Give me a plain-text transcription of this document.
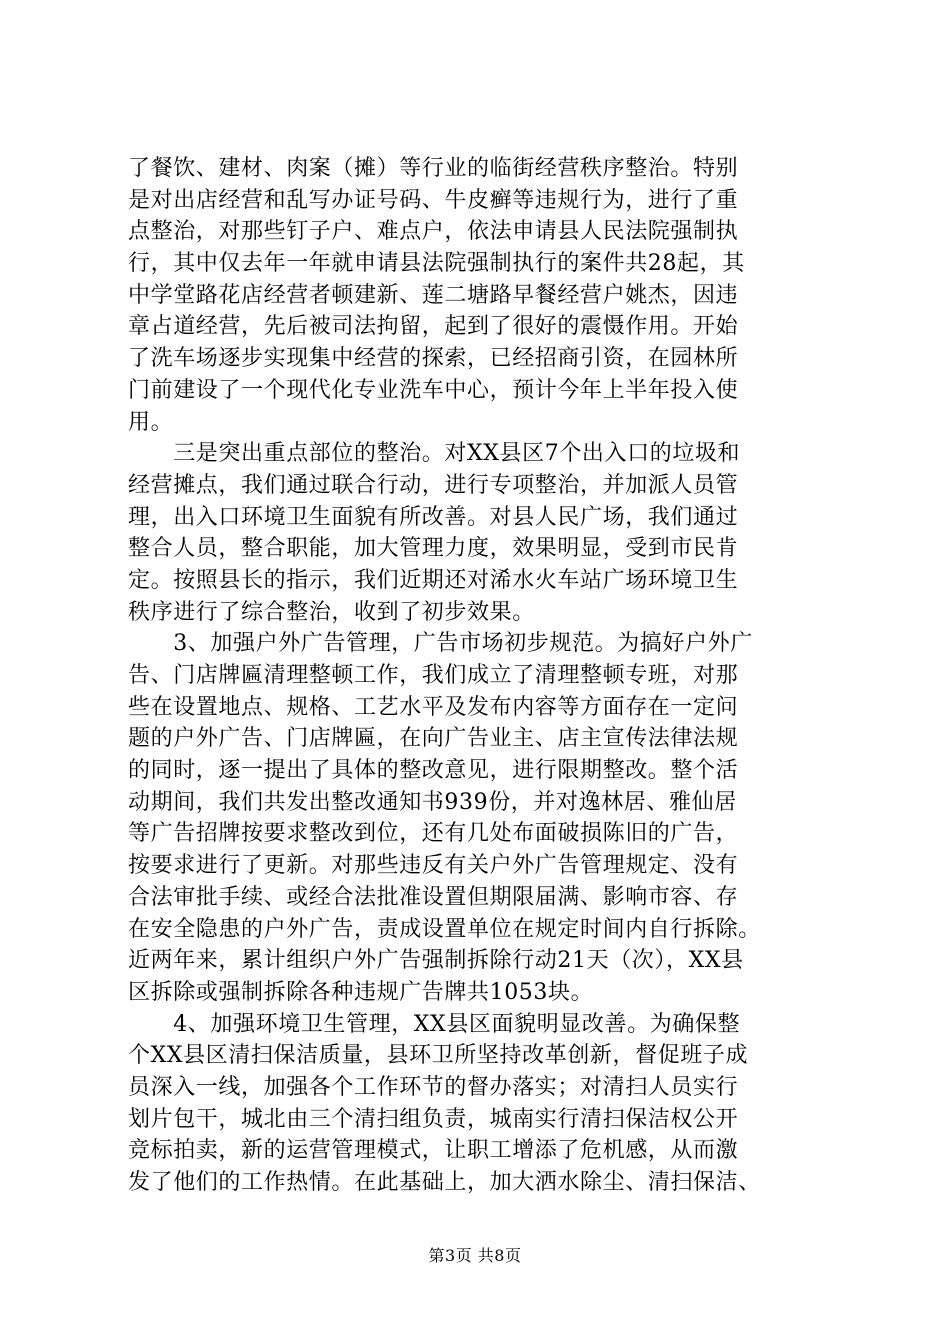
了餐饮、建材、肉案（摊）等行业的临街经营秩序整治。特别
是对出店经营和乱写办证号码、牛皮癣等违规行为，进行了重
点整治，对那些钉子户、难点户，依法申请县人民法院强制执
行，其中仅去年一年就申请县法院强制执行的案件共28起，其
中学堂路花店经营者顿建新、莲二塘路早餐经营户姚杰，因违
章占道经营，先后被司法拘留，起到了很好的震慑作用。开始
了洗车场逐步实现集中经营的探索，已经招商引资，在园林所
门前建设了一个现代化专业洗车中心，预计今年上半年投入使
用。
　　三是突出重点部位的整治。对XX县区7个出入口的垃圾和
经营摊点，我们通过联合行动，进行专项整治，并加派人员管
理，出入口环境卫生面貌有所改善。对县人民广场，我们通过
整合人员，整合职能，加大管理力度，效果明显，受到市民肯
定。按照县长的指示，我们近期还对浠水火车站广场环境卫生
秩序进行了综合整治，收到了初步效果。
　　3、加强户外广告管理，广告市场初步规范。为搞好户外广
告、门店牌匾清理整顿工作，我们成立了清理整顿专班，对那
些在设置地点、规格、工艺水平及发布内容等方面存在一定问
题的户外广告、门店牌匾，在向广告业主、店主宣传法律法规
的同时，逐一提出了具体的整改意见，进行限期整改。整个活
动期间，我们共发出整改通知书939份，并对逸林居、雅仙居
等广告招牌按要求整改到位，还有几处布面破损陈旧的广告，
按要求进行了更新。对那些违反有关户外广告管理规定、没有
合法审批手续、或经合法批准设置但期限届满、影响市容、存
在安全隐患的户外广告，责成设置单位在规定时间内自行拆除。
近两年来，累计组织户外广告强制拆除行动21天（次），XX县
区拆除或强制拆除各种违规广告牌共1053块。
　　4、加强环境卫生管理，XX县区面貌明显改善。为确保整
个XX县区清扫保洁质量，县环卫所坚持改革创新，督促班子成
员深入一线，加强各个工作环节的督办落实；对清扫人员实行
划片包干，城北由三个清扫组负责，城南实行清扫保洁权公开
竞标拍卖，新的运营管理模式，让职工增添了危机感，从而激
发了他们的工作热情。在此基础上，加大洒水除尘、清扫保洁、
第3页 共8页
